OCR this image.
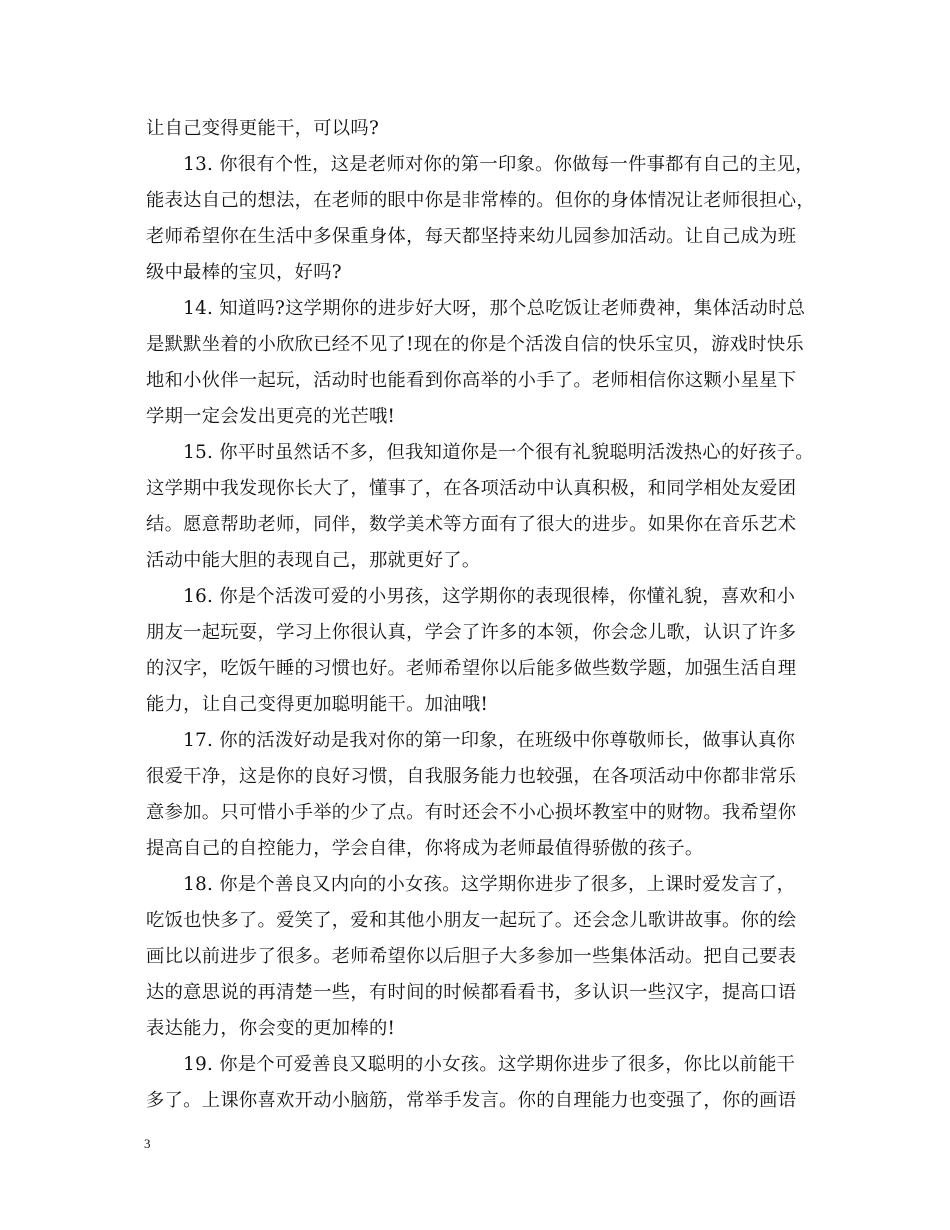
让自己变得更能干，可以吗?
　　13. 你很有个性，这是老师对你的第一印象。你做每一件事都有自己的主见，
能表达自己的想法，在老师的眼中你是非常棒的。但你的身体情况让老师很担心，
老师希望你在生活中多保重身体，每天都坚持来幼儿园参加活动。让自己成为班
级中最棒的宝贝，好吗?
　　14. 知道吗?这学期你的进步好大呀，那个总吃饭让老师费神，集体活动时总
是默默坐着的小欣欣已经不见了!现在的你是个活泼自信的快乐宝贝，游戏时快乐
地和小伙伴一起玩，活动时也能看到你高举的小手了。老师相信你这颗小星星下
学期一定会发出更亮的光芒哦!
　　15. 你平时虽然话不多，但我知道你是一个很有礼貌聪明活泼热心的好孩子。
这学期中我发现你长大了，懂事了，在各项活动中认真积极，和同学相处友爱团
结。愿意帮助老师，同伴，数学美术等方面有了很大的进步。如果你在音乐艺术
活动中能大胆的表现自己，那就更好了。
　　16. 你是个活泼可爱的小男孩，这学期你的表现很棒，你懂礼貌，喜欢和小
朋友一起玩耍，学习上你很认真，学会了许多的本领，你会念儿歌，认识了许多
的汉字，吃饭午睡的习惯也好。老师希望你以后能多做些数学题，加强生活自理
能力，让自己变得更加聪明能干。加油哦!
　　17. 你的活泼好动是我对你的第一印象，在班级中你尊敬师长，做事认真你
很爱干净，这是你的良好习惯，自我服务能力也较强，在各项活动中你都非常乐
意参加。只可惜小手举的少了点。有时还会不小心损坏教室中的财物。我希望你
提高自己的自控能力，学会自律，你将成为老师最值得骄傲的孩子。
　　18. 你是个善良又内向的小女孩。这学期你进步了很多，上课时爱发言了，
吃饭也快多了。爱笑了，爱和其他小朋友一起玩了。还会念儿歌讲故事。你的绘
画比以前进步了很多。老师希望你以后胆子大多参加一些集体活动。把自己要表
达的意思说的再清楚一些，有时间的时候都看看书，多认识一些汉字，提高口语
表达能力，你会变的更加棒的!
　　19. 你是个可爱善良又聪明的小女孩。这学期你进步了很多，你比以前能干
多了。上课你喜欢开动小脑筋，常举手发言。你的自理能力也变强了，你的画语
3
